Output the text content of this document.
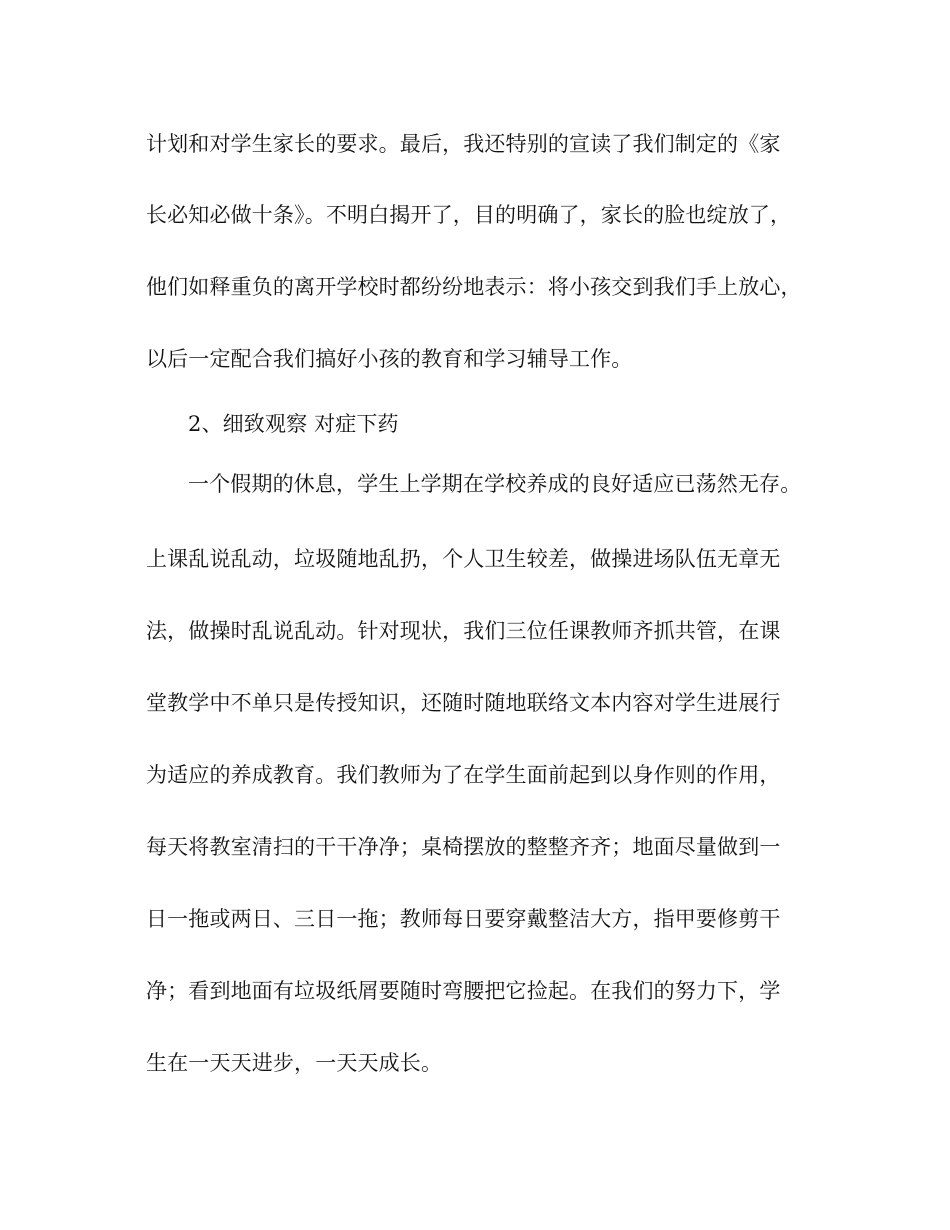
计划和对学生家长的要求。最后，我还特别的宣读了我们制定的《家
长必知必做十条》。不明白揭开了，目的明确了，家长的脸也绽放了，
他们如释重负的离开学校时都纷纷地表示：将小孩交到我们手上放心，
以后一定配合我们搞好小孩的教育和学习辅导工作。
2、细致观察 对症下药
一个假期的休息，学生上学期在学校养成的良好适应已荡然无存。
上课乱说乱动，垃圾随地乱扔，个人卫生较差，做操进场队伍无章无
法，做操时乱说乱动。针对现状，我们三位任课教师齐抓共管，在课
堂教学中不单只是传授知识，还随时随地联络文本内容对学生进展行
为适应的养成教育。我们教师为了在学生面前起到以身作则的作用，
每天将教室清扫的干干净净；桌椅摆放的整整齐齐；地面尽量做到一
日一拖或两日、三日一拖；教师每日要穿戴整洁大方，指甲要修剪干
净；看到地面有垃圾纸屑要随时弯腰把它捡起。在我们的努力下，学
生在一天天进步，一天天成长。
